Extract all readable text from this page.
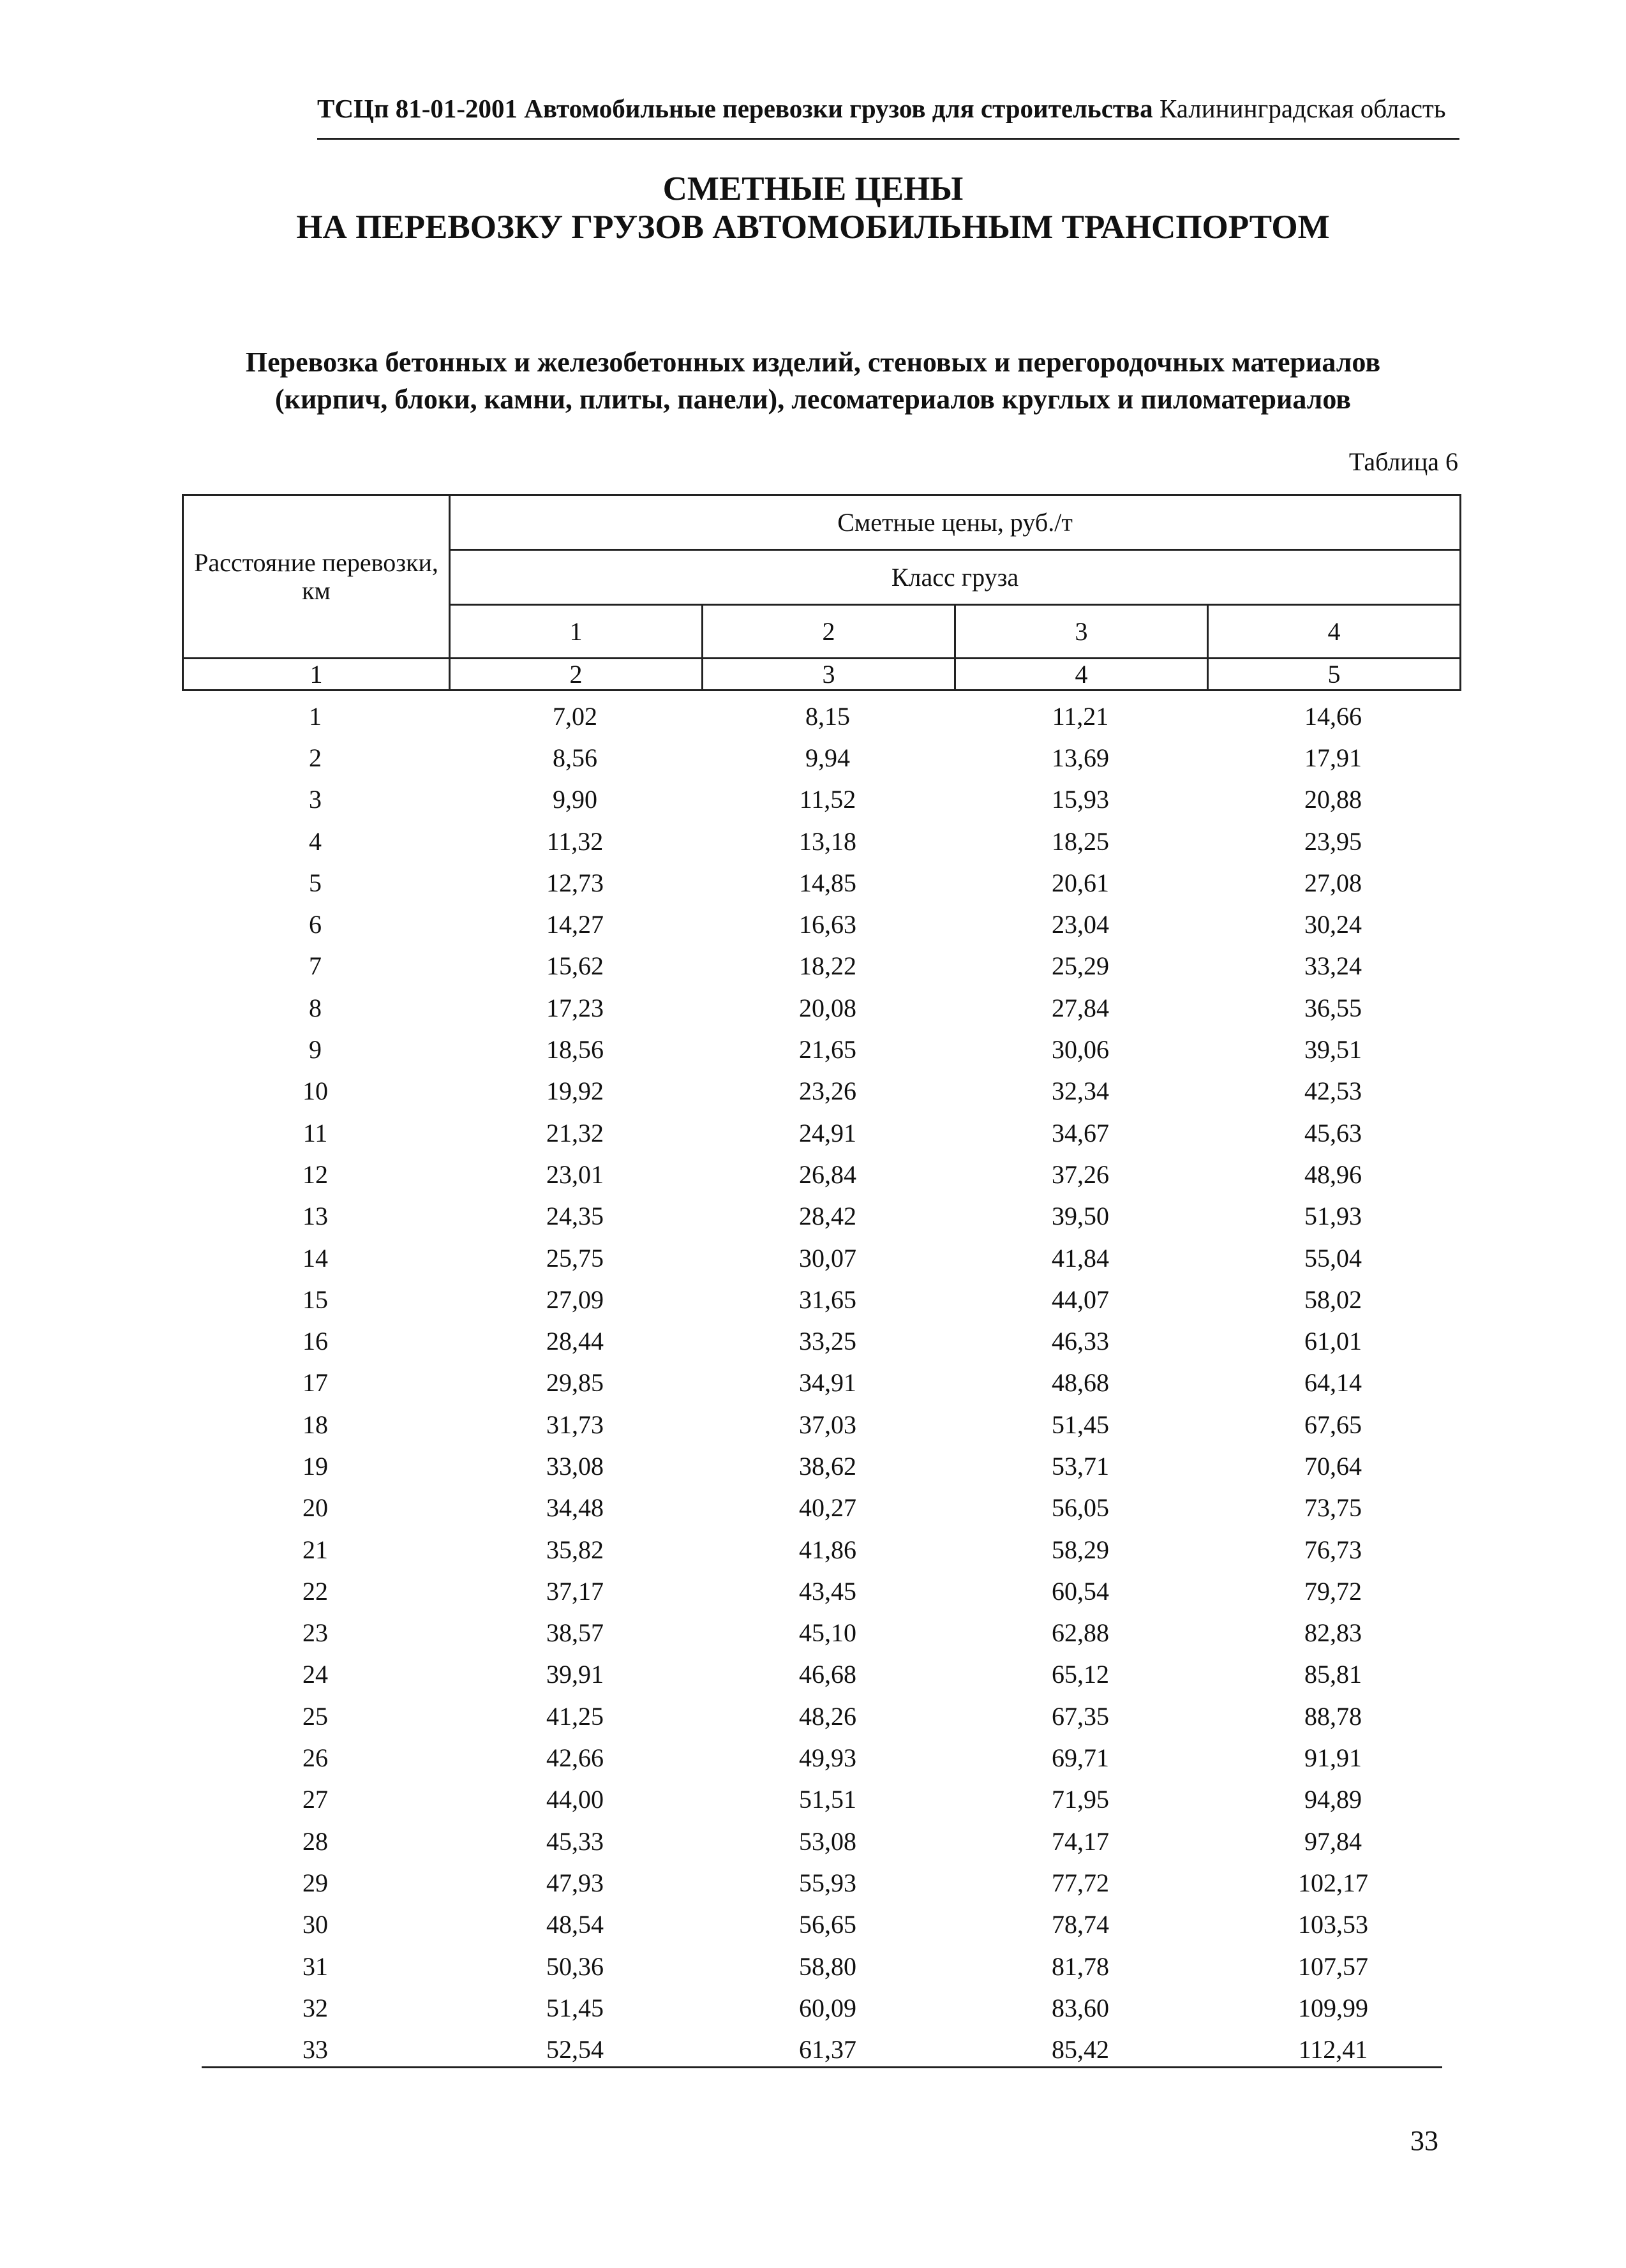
ТСЦп 81-01-2001 Автомобильные перевозки грузов для строительства Калининградская область
СМЕТНЫЕ ЦЕНЫ
НА ПЕРЕВОЗКУ ГРУЗОВ АВТОМОБИЛЬНЫМ ТРАНСПОРТОМ
Перевозка бетонных и железобетонных изделий, стеновых и перегородочных материалов
(кирпич, блоки, камни, плиты, панели), лесоматериалов круглых и пиломатериалов
Таблица 6
Расстояние перевозки, км	Сметные цены, руб./т			
	Класс груза			
	1	2	3	4
1	2	3	4	5
1	7,02	8,15	11,21	14,66
2	8,56	9,94	13,69	17,91
3	9,90	11,52	15,93	20,88
4	11,32	13,18	18,25	23,95
5	12,73	14,85	20,61	27,08
6	14,27	16,63	23,04	30,24
7	15,62	18,22	25,29	33,24
8	17,23	20,08	27,84	36,55
9	18,56	21,65	30,06	39,51
10	19,92	23,26	32,34	42,53
11	21,32	24,91	34,67	45,63
12	23,01	26,84	37,26	48,96
13	24,35	28,42	39,50	51,93
14	25,75	30,07	41,84	55,04
15	27,09	31,65	44,07	58,02
16	28,44	33,25	46,33	61,01
17	29,85	34,91	48,68	64,14
18	31,73	37,03	51,45	67,65
19	33,08	38,62	53,71	70,64
20	34,48	40,27	56,05	73,75
21	35,82	41,86	58,29	76,73
22	37,17	43,45	60,54	79,72
23	38,57	45,10	62,88	82,83
24	39,91	46,68	65,12	85,81
25	41,25	48,26	67,35	88,78
26	42,66	49,93	69,71	91,91
27	44,00	51,51	71,95	94,89
28	45,33	53,08	74,17	97,84
29	47,93	55,93	77,72	102,17
30	48,54	56,65	78,74	103,53
31	50,36	58,80	81,78	107,57
32	51,45	60,09	83,60	109,99
33	52,54	61,37	85,42	112,41
33
